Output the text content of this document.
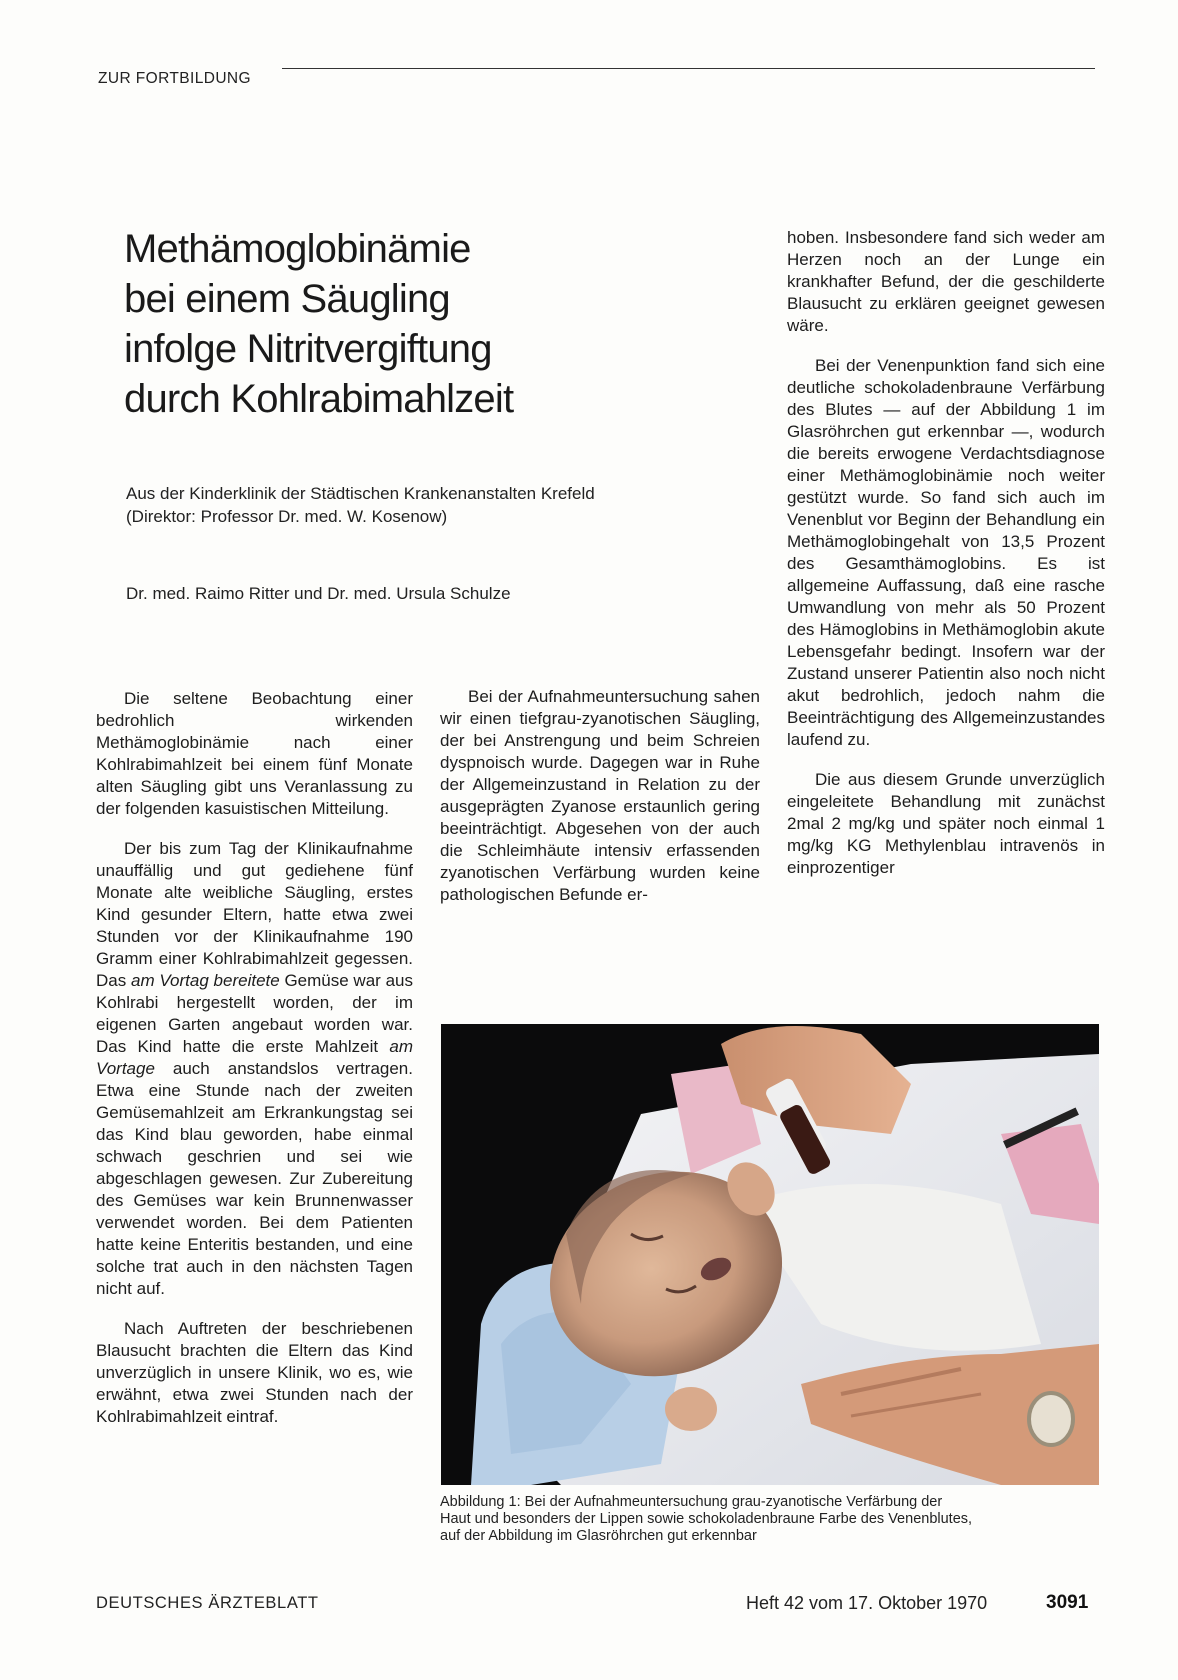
ZUR FORTBILDUNG
Methämoglobinämie
bei einem Säugling
infolge Nitritvergiftung
durch Kohlrabimahlzeit
Aus der Kinderklinik der Städtischen Krankenanstalten Krefeld
(Direktor: Professor Dr. med. W. Kosenow)
Dr. med. Raimo Ritter und Dr. med. Ursula Schulze

Die seltene Beobachtung einer bedrohlich wirkenden Methämoglobinämie nach einer Kohlrabimahlzeit bei einem fünf Monate alten Säugling gibt uns Veranlassung zu der folgenden kasuistischen Mitteilung.

Der bis zum Tag der Klinikaufnahme unauffällig und gut gediehene fünf Monate alte weibliche Säugling, erstes Kind gesunder Eltern, hatte etwa zwei Stunden vor der Klinikaufnahme 190 Gramm einer Kohlrabimahlzeit gegessen. Das am Vortag bereitete Gemüse war aus Kohlrabi hergestellt worden, der im eigenen Garten angebaut worden war. Das Kind hatte die erste Mahlzeit am Vortage auch anstandslos vertragen. Etwa eine Stunde nach der zweiten Gemüsemahlzeit am Erkrankungstag sei das Kind blau geworden, habe einmal schwach geschrien und sei wie abgeschlagen gewesen. Zur Zubereitung des Gemüses war kein Brunnenwasser verwendet worden. Bei dem Patienten hatte keine Enteritis bestanden, und eine solche trat auch in den nächsten Tagen nicht auf.

Nach Auftreten der beschriebenen Blausucht brachten die Eltern das Kind unverzüglich in unsere Klinik, wo es, wie erwähnt, etwa zwei Stunden nach der Kohlrabimahlzeit eintraf.

Bei der Aufnahmeuntersuchung sahen wir einen tiefgrau-zyanotischen Säugling, der bei Anstrengung und beim Schreien dyspnoisch wurde. Dagegen war in Ruhe der Allgemeinzustand in Relation zu der ausgeprägten Zyanose erstaunlich gering beeinträchtigt. Abgesehen von der auch die Schleimhäute intensiv erfassenden zyanotischen Verfärbung wurden keine pathologischen Befunde er-

hoben. Insbesondere fand sich weder am Herzen noch an der Lunge ein krankhafter Befund, der die geschilderte Blausucht zu erklären geeignet gewesen wäre.

Bei der Venenpunktion fand sich eine deutliche schokoladenbraune Verfärbung des Blutes — auf der Abbildung 1 im Glasröhrchen gut erkennbar —, wodurch die bereits erwogene Verdachtsdiagnose einer Methämoglobinämie noch weiter gestützt wurde. So fand sich auch im Venenblut vor Beginn der Behandlung ein Methämoglobingehalt von 13,5 Prozent des Gesamthämoglobins. Es ist allgemeine Auffassung, daß eine rasche Umwandlung von mehr als 50 Prozent des Hämoglobins in Methämoglobin akute Lebensgefahr bedingt. Insofern war der Zustand unserer Patientin also noch nicht akut bedrohlich, jedoch nahm die Beeinträchtigung des Allgemeinzustandes laufend zu.

Die aus diesem Grunde unverzüglich eingeleitete Behandlung mit zunächst 2mal 2 mg/kg und später noch einmal 1 mg/kg KG Methylenblau intravenös in einprozentiger

Abbildung 1: Bei der Aufnahmeuntersuchung grau-zyanotische Verfärbung der
Haut und besonders der Lippen sowie schokoladenbraune Farbe des Venenblutes,
auf der Abbildung im Glasröhrchen gut erkennbar
DEUTSCHES ÄRZTEBLATT	Heft 42 vom 17. Oktober 1970	3091
